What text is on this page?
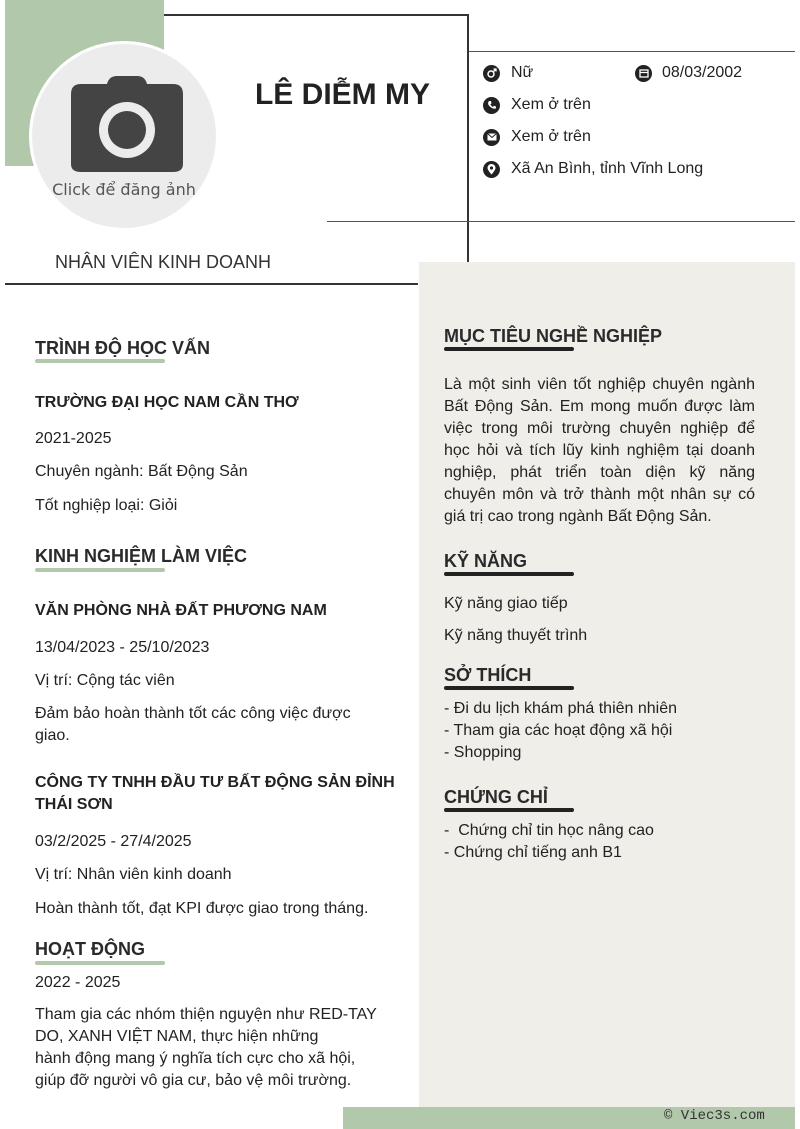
Click để đăng ảnh
LÊ DIỄM MY
NHÂN VIÊN KINH DOANH
Nữ	08/03/2002
Xem ở trên
Xem ở trên
Xã An Bình, tỉnh Vĩnh Long
TRÌNH ĐỘ HỌC VẤN
TRƯỜNG ĐẠI HỌC NAM CẦN THƠ
2021-2025
Chuyên ngành: Bất Động Sản
Tốt nghiệp loại: Giỏi
KINH NGHIỆM LÀM VIỆC
VĂN PHÒNG NHÀ ĐẤT PHƯƠNG NAM
13/04/2023 - 25/10/2023
Vị trí: Cộng tác viên
Đảm bảo hoàn thành tốt các công việc được
giao.
CÔNG TY TNHH ĐẦU TƯ BẤT ĐỘNG SẢN ĐỈNH
THÁI SƠN
03/2/2025 - 27/4/2025
Vị trí: Nhân viên kinh doanh
Hoàn thành tốt, đạt KPI được giao trong tháng.
HOẠT ĐỘNG
2022 - 2025
Tham gia các nhóm thiện nguyện như RED-TAY
DO, XANH VIỆT NAM, thực hiện những
hành động mang ý nghĩa tích cực cho xã hội,
giúp đỡ người vô gia cư, bảo vệ môi trường.
MỤC TIÊU NGHỀ NGHIỆP
Là một sinh viên tốt nghiệp chuyên ngành
Bất Động Sản. Em mong muốn được làm
việc trong môi trường chuyên nghiệp để
học hỏi và tích lũy kinh nghiệm tại doanh
nghiệp, phát triển toàn diện kỹ năng
chuyên môn và trở thành một nhân sự có
giá trị cao trong ngành Bất Động Sản.
KỸ NĂNG
Kỹ năng giao tiếp
Kỹ năng thuyết trình
SỞ THÍCH
- Đi du lịch khám phá thiên nhiên
- Tham gia các hoạt động xã hội
- Shopping
CHỨNG CHỈ
-  Chứng chỉ tin học nâng cao
- Chứng chỉ tiếng anh B1
© Viec3s.com
